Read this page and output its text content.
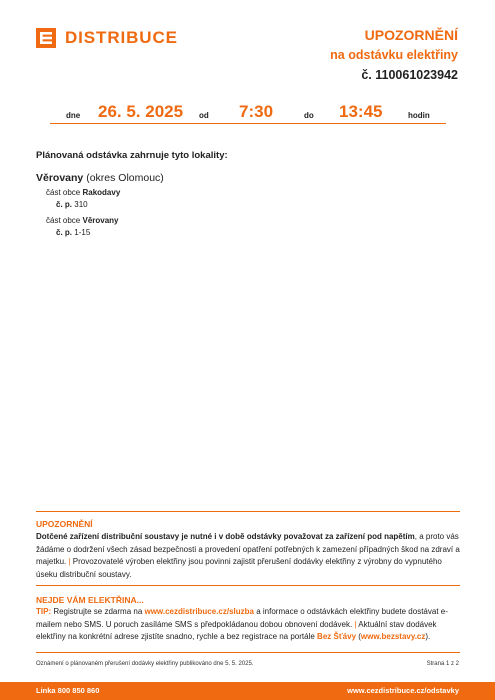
DISTRIBUCE	UPOZORNĚNÍ
na odstávku elektřiny
č. 110061023942
dne 26. 5. 2025 od 7:30	do 13:45	hodin
Plánovaná odstávka zahrnuje tyto lokality:
Věrovany (okres Olomouc)
část obce Rakodavy
č. p. 310
část obce Věrovany
č. p. 1-15
UPOZORNĚNÍ
Dotčené zařízení distribuční soustavy je nutné i v době odstávky považovat za zařízení pod napětím, a proto vás žádáme o dodržení všech zásad bezpečnosti a provedení opatření potřebných k zamezení případných škod na zdraví a majetku. | Provozovatelé výroben elektřiny jsou povinni zajistit přerušení dodávky elektřiny z výrobny do vypnutého úseku distribuční soustavy.
NEJDE VÁM ELEKTŘINA...
TIP: Registrujte se zdarma na www.cezdistribuce.cz/sluzba a informace o odstávkách elektřiny budete dostávat e-mailem nebo SMS. U poruch zasíláme SMS s předpokládanou dobou obnovení dodávek. | Aktuální stav dodávek elektřiny na konkrétní adrese zjistíte snadno, rychle a bez registrace na portále Bez Šťávy (www.bezstavy.cz).
Oznámení o plánovaném přerušení dodávky elektřiny publikováno dne 5. 5. 2025.	Strana 1 z 2
Linka 800 850 860	www.cezdistribuce.cz/odstavky
